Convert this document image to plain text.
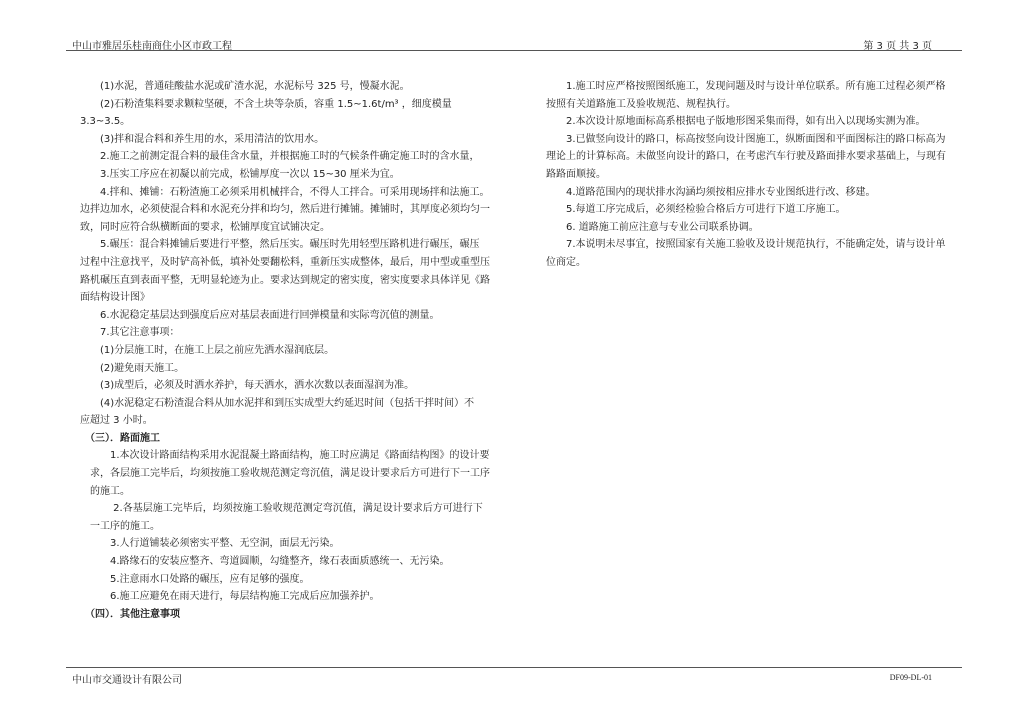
中山市雅居乐桂南商住小区市政工程	第 3 页 共 3 页

　　(1)水泥，普通硅酸盐水泥或矿渣水泥，水泥标号 325 号，慢凝水泥。

　　(2)石粉渣集料要求颗粒坚硬，不含土块等杂质，容重 1.5~1.6t/m³ ，细度模量

3.3~3.5。

　　(3)拌和混合料和养生用的水，采用清洁的饮用水。

　　2.施工之前测定混合料的最佳含水量，并根据施工时的气候条件确定施工时的含水量，

　　3.压实工序应在初凝以前完成，松铺厚度一次以 15~30 厘米为宜。

　　4.拌和、摊铺：石粉渣施工必须采用机械拌合，不得人工拌合。可采用现场拌和法施工。

边拌边加水，必须使混合料和水泥充分拌和均匀，然后进行摊铺。摊铺时，其厚度必须均匀一

致，同时应符合纵横断面的要求，松铺厚度宜试铺决定。

　　5.碾压：混合料摊铺后要进行平整，然后压实。碾压时先用轻型压路机进行碾压，碾压

过程中注意找平，及时铲高补低，填补处要翻松料，重新压实成整体，最后，用中型或重型压

路机碾压直到表面平整，无明显轮迹为止。要求达到规定的密实度，密实度要求具体详见《路

面结构设计图》

　　6.水泥稳定基层达到强度后应对基层表面进行回弹模量和实际弯沉值的测量。

　　7.其它注意事项：

　　(1)分层施工时，在施工上层之前应先洒水湿润底层。

　　(2)避免雨天施工。

　　(3)成型后，必须及时洒水养护，每天洒水，洒水次数以表面湿润为准。

　　(4)水泥稳定石粉渣混合料从加水泥拌和到压实成型大约延迟时间（包括干拌时间）不

应超过 3 小时。

　（三）．路面施工

　　　1.本次设计路面结构采用水泥混凝土路面结构，施工时应满足《路面结构图》的设计要

　求，各层施工完毕后，均须按施工验收规范测定弯沉值，满足设计要求后方可进行下一工序

　的施工。

　　　 2.各基层施工完毕后，均须按施工验收规范测定弯沉值，满足设计要求后方可进行下

　一工序的施工。

　　　3.人行道铺装必须密实平整、无空洞，面层无污染。

　　　4.路缘石的安装应整齐、弯道圆顺，勾缝整齐，缘石表面质感统一、无污染。

　　　5.注意雨水口处路的碾压，应有足够的强度。

　　　6.施工应避免在雨天进行，每层结构施工完成后应加强养护。

　（四）．其他注意事项

　　1.施工时应严格按照图纸施工，发现问题及时与设计单位联系。所有施工过程必须严格

按照有关道路施工及验收规范、规程执行。

　　2.本次设计原地面标高系根据电子版地形图采集而得，如有出入以现场实测为准。

　　3.已做竖向设计的路口，标高按竖向设计图施工，纵断面图和平面图标注的路口标高为

理论上的计算标高。未做竖向设计的路口，在考虑汽车行驶及路面排水要求基础上，与现有

路路面顺接。

　　4.道路范围内的现状排水沟涵均须按相应排水专业图纸进行改、移建。

　　5.每道工序完成后，必须经检验合格后方可进行下道工序施工。

　　6. 道路施工前应注意与专业公司联系协调。

　　7.本说明未尽事宜，按照国家有关施工验收及设计规范执行，不能确定处，请与设计单

位商定。

中山市交通设计有限公司	DF09-DL-01
